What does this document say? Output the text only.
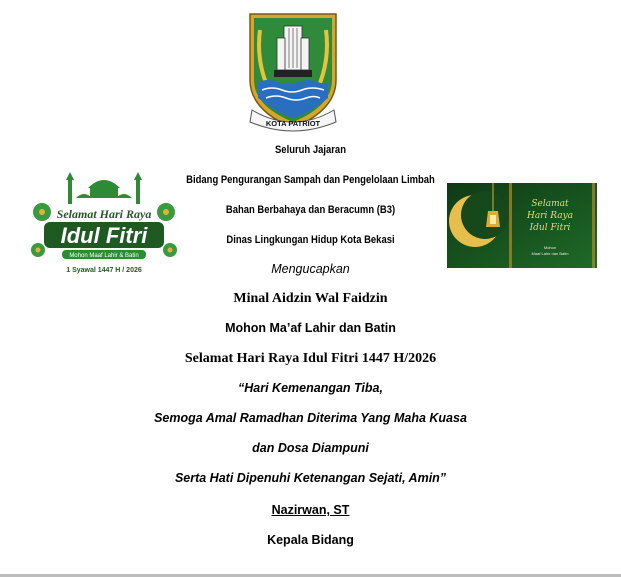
KOTA PATRIOT
Selamat Hari Raya
Idul Fitri
Mohon Maaf Lahir & Batin
1 Syawal 1447 H / 2026
Selamat
Hari Raya
Idul Fitri
Mohon
Maaf Lahir dan Batin
Seluruh Jajaran
Bidang Pengurangan Sampah dan Pengelolaan Limbah
Bahan Berbahaya dan Beracumn (B3)
Dinas Lingkungan Hidup Kota Bekasi
Mengucapkan
Minal Aidzin Wal Faidzin
Mohon Ma’af Lahir dan Batin
Selamat Hari Raya Idul Fitri 1447 H/2026
“Hari Kemenangan Tiba,
Semoga Amal Ramadhan Diterima Yang Maha Kuasa
dan Dosa Diampuni
Serta Hati Dipenuhi Ketenangan Sejati, Amin”
Nazirwan, ST
Kepala Bidang
